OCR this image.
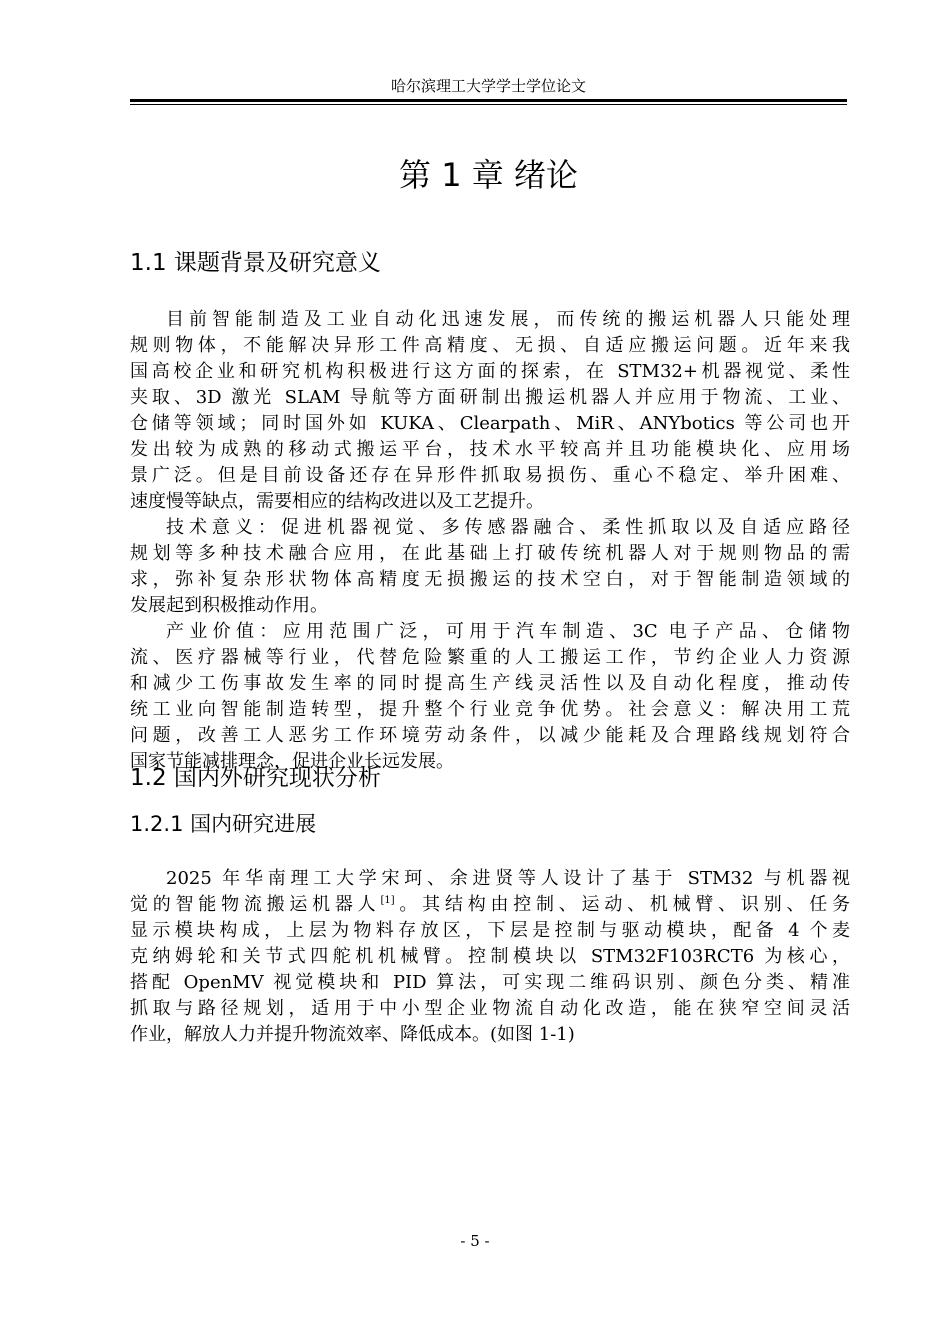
哈尔滨理工大学学士学位论文
第 1 章 绪论
1.1 课题背景及研究意义
目前智能制造及工业自动化迅速发展，而传统的搬运机器人只能处理
规则物体，不能解决异形工件高精度、无损、自适应搬运问题。近年来我
国高校企业和研究机构积极进行这方面的探索，在 STM32+机器视觉、柔性
夹取、3D 激光 SLAM 导航等方面研制出搬运机器人并应用于物流、工业、
仓储等领域；同时国外如 KUKA、Clearpath、MiR、ANYbotics 等公司也开
发出较为成熟的移动式搬运平台，技术水平较高并且功能模块化、应用场
景广泛。但是目前设备还存在异形件抓取易损伤、重心不稳定、举升困难、
速度慢等缺点，需要相应的结构改进以及工艺提升。
技术意义：促进机器视觉、多传感器融合、柔性抓取以及自适应路径
规划等多种技术融合应用，在此基础上打破传统机器人对于规则物品的需
求，弥补复杂形状物体高精度无损搬运的技术空白，对于智能制造领域的
发展起到积极推动作用。
产业价值：应用范围广泛，可用于汽车制造、3C 电子产品、仓储物
流、医疗器械等行业，代替危险繁重的人工搬运工作，节约企业人力资源
和减少工伤事故发生率的同时提高生产线灵活性以及自动化程度，推动传
统工业向智能制造转型，提升整个行业竞争优势。社会意义：解决用工荒
问题，改善工人恶劣工作环境劳动条件，以减少能耗及合理路线规划符合
国家节能减排理念，促进企业长远发展。
1.2 国内外研究现状分析
1.2.1 国内研究进展
2025 年华南理工大学宋珂、余进贤等人设计了基于 STM32 与机器视
觉的智能物流搬运机器人[1]。其结构由控制、运动、机械臂、识别、任务
显示模块构成，上层为物料存放区，下层是控制与驱动模块，配备 4 个麦
克纳姆轮和关节式四舵机机械臂。控制模块以 STM32F103RCT6 为核心，
搭配 OpenMV 视觉模块和 PID 算法，可实现二维码识别、颜色分类、精准
抓取与路径规划，适用于中小型企业物流自动化改造，能在狭窄空间灵活
作业，解放人力并提升物流效率、降低成本。(如图 1-1)
- 5 -
